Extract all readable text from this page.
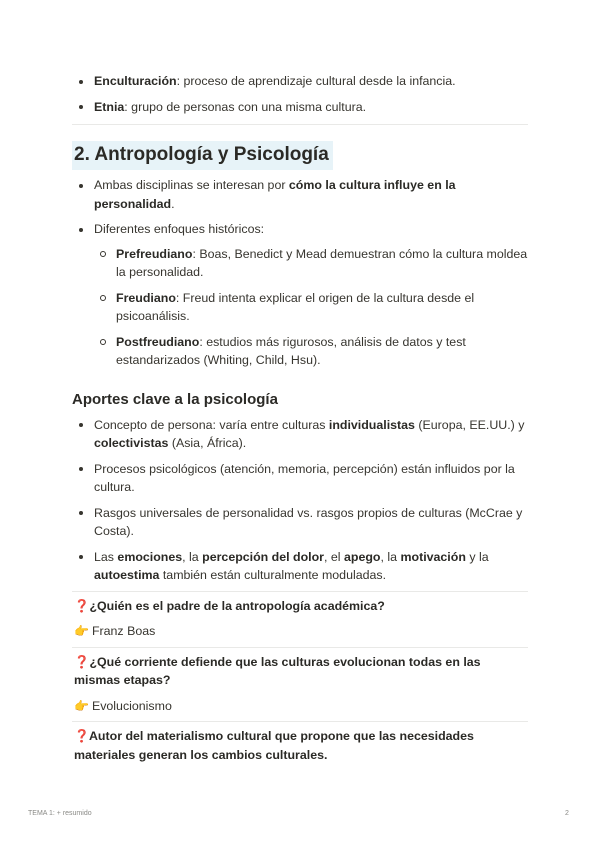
Enculturación: proceso de aprendizaje cultural desde la infancia.
Etnia: grupo de personas con una misma cultura.
2. Antropología y Psicología
Ambas disciplinas se interesan por cómo la cultura influye en la personalidad.
Diferentes enfoques históricos:
Prefreudiano: Boas, Benedict y Mead demuestran cómo la cultura moldea la personalidad.
Freudiano: Freud intenta explicar el origen de la cultura desde el psicoanálisis.
Postfreudiano: estudios más rigurosos, análisis de datos y test estandarizados (Whiting, Child, Hsu).
Aportes clave a la psicología
Concepto de persona: varía entre culturas individualistas (Europa, EE.UU.) y colectivistas (Asia, África).
Procesos psicológicos (atención, memoria, percepción) están influidos por la cultura.
Rasgos universales de personalidad vs. rasgos propios de culturas (McCrae y Costa).
Las emociones, la percepción del dolor, el apego, la motivación y la autoestima también están culturalmente moduladas.
❓ ¿Quién es el padre de la antropología académica?
👉 Franz Boas
❓ ¿Qué corriente defiende que las culturas evolucionan todas en las mismas etapas?
👉 Evolucionismo
❓ Autor del materialismo cultural que propone que las necesidades materiales generan los cambios culturales.
TEMA 1: + resumido	2
